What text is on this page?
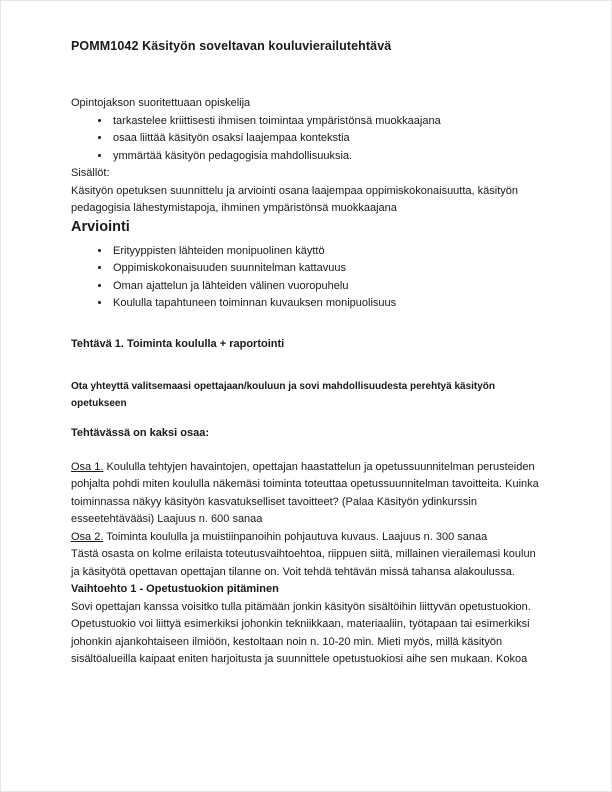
POMM1042 Käsityön soveltavan kouluvierailutehtävä

Opintojakson suoritettuaan opiskelija

• tarkastelee kriittisesti ihmisen toimintaa ympäristönsä muokkaajana
• osaa liittää käsityön osaksi laajempaa kontekstia
• ymmärtää käsityön pedagogisia mahdollisuuksia.

Sisällöt:

Käsityön opetuksen suunnittelu ja arviointi osana laajempaa oppimiskokonaisuutta, käsityön pedagogisia lähestymistapoja, ihminen ympäristönsä muokkaajana

Arviointi
• Erityyppisten lähteiden monipuolinen käyttö
• Oppimiskokonaisuuden suunnitelman kattavuus
• Oman ajattelun ja lähteiden välinen vuoropuhelu
• Koululla tapahtuneen toiminnan kuvauksen monipuolisuus
Tehtävä 1. Toiminta koululla + raportointi
Ota yhteyttä valitsemaasi opettajaan/kouluun ja sovi mahdollisuudesta perehtyä käsityön opetukseen

Tehtävässä on kaksi osaa:

Osa 1. Koululla tehtyjen havaintojen, opettajan haastattelun ja opetussuunnitelman perusteiden pohjalta pohdi miten koululla näkemäsi toiminta toteuttaa opetussuunnitelman tavoitteita. Kuinka toiminnassa näkyy käsityön kasvatukselliset tavoitteet? (Palaa Käsityön ydinkurssin esseetehtävääsi) Laajuus n. 600 sanaa

Osa 2. Toiminta koululla ja muistiinpanoihin pohjautuva kuvaus. Laajuus n. 300 sanaa

Tästä osasta on kolme erilaista toteutusvaihtoehtoa, riippuen siitä, millainen vierailemasi koulun ja käsityötä opettavan opettajan tilanne on. Voit tehdä tehtävän missä tahansa alakoulussa.

Vaihtoehto 1 - Opetustuokion pitäminen

Sovi opettajan kanssa voisitko tulla pitämään jonkin käsityön sisältöihin liittyvän opetustuokion. Opetustuokio voi liittyä esimerkiksi johonkin tekniikkaan, materiaaliin, työtapaan tai esimerkiksi johonkin ajankohtaiseen ilmiöön, kestoltaan noin n. 10-20 min. Mieti myös, millä käsityön sisältöalueilla kaipaat eniten harjoitusta ja suunnittele opetustuokiosi aihe sen mukaan. Kokoa
